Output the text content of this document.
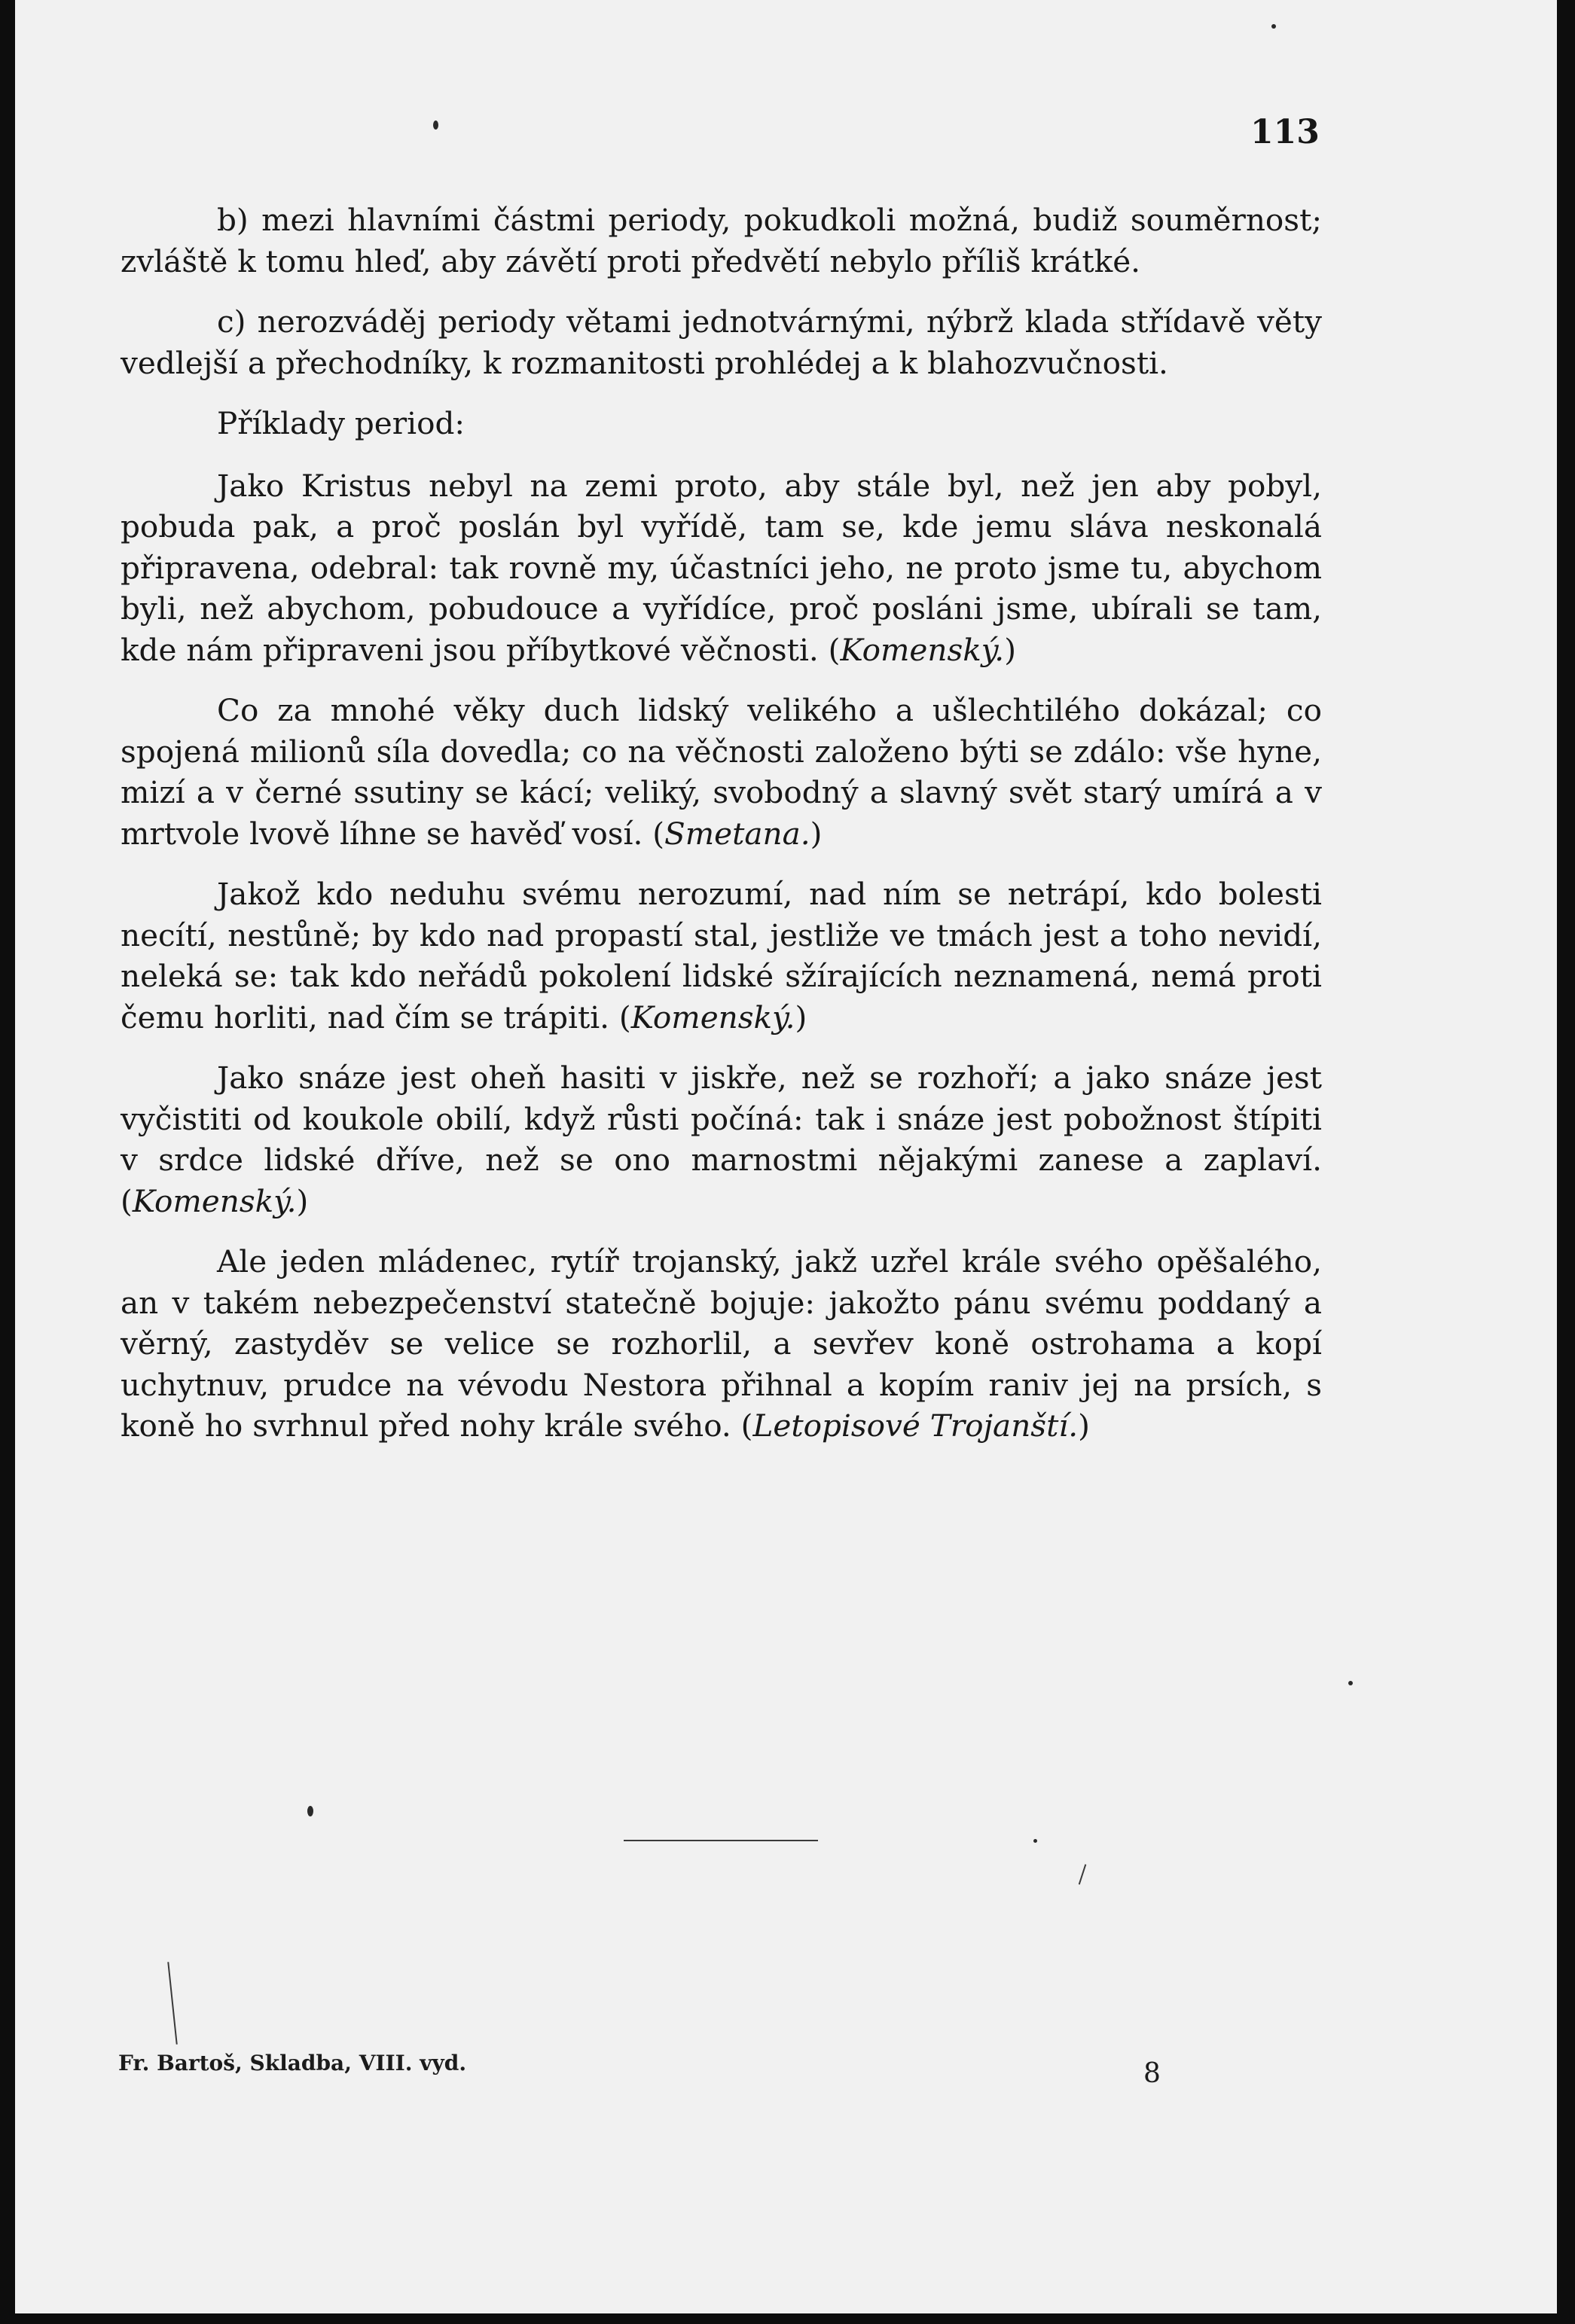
113

b) mezi hlavními částmi periody, pokudkoli možná, budiž souměrnost; zvláště k tomu hleď, aby závětí proti předvětí nebylo příliš krátké.

c) nerozváděj periody větami jednotvárnými, nýbrž klada střídavě věty vedlejší a přechodníky, k rozmanitosti prohlédej a k blahozvučnosti.

Příklady period:

Jako Kristus nebyl na zemi proto, aby stále byl, než jen aby pobyl, pobuda pak, a proč poslán byl vyřídě, tam se, kde jemu sláva neskonalá připravena, odebral: tak rovně my, účastníci jeho, ne proto jsme tu, abychom byli, než abychom, pobudouce a vyřídíce, proč posláni jsme, ubírali se tam, kde nám připraveni jsou příbytkové věčnosti. (Komenský.)

Co za mnohé věky duch lidský velikého a ušlechtilého dokázal; co spojená milionů síla dovedla; co na věčnosti založeno býti se zdálo: vše hyne, mizí a v černé ssutiny se kácí; veliký, svobodný a slavný svět starý umírá a v mrtvole lvově líhne se havěď vosí. (Smetana.)

Jakož kdo neduhu svému nerozumí, nad ním se netrápí, kdo bolesti necítí, nestůně; by kdo nad propastí stal, jestliže ve tmách jest a toho nevidí, neleká se: tak kdo neřádů pokolení lidské sžírajících neznamená, nemá proti čemu horliti, nad čím se trápiti. (Komenský.)

Jako snáze jest oheň hasiti v jiskře, než se rozhoří; a jako snáze jest vyčistiti od koukole obilí, když růsti počíná: tak i snáze jest pobožnost štípiti v srdce lidské dříve, než se ono marnostmi nějakými zanese a zaplaví. (Komenský.)

Ale jeden mládenec, rytíř trojanský, jakž uzřel krále svého opěšalého, an v takém nebezpečenství statečně bojuje: jakožto pánu svému poddaný a věrný, zastyděv se velice se rozhorlil, a sevřev koně ostrohama a kopí uchytnuv, prudce na vévodu Nestora přihnal a kopím raniv jej na prsích, s koně ho svrhnul před nohy krále svého. (Letopisové Trojanští.)

Fr. Bartoš, Skladba, VIII. vyd.	8
